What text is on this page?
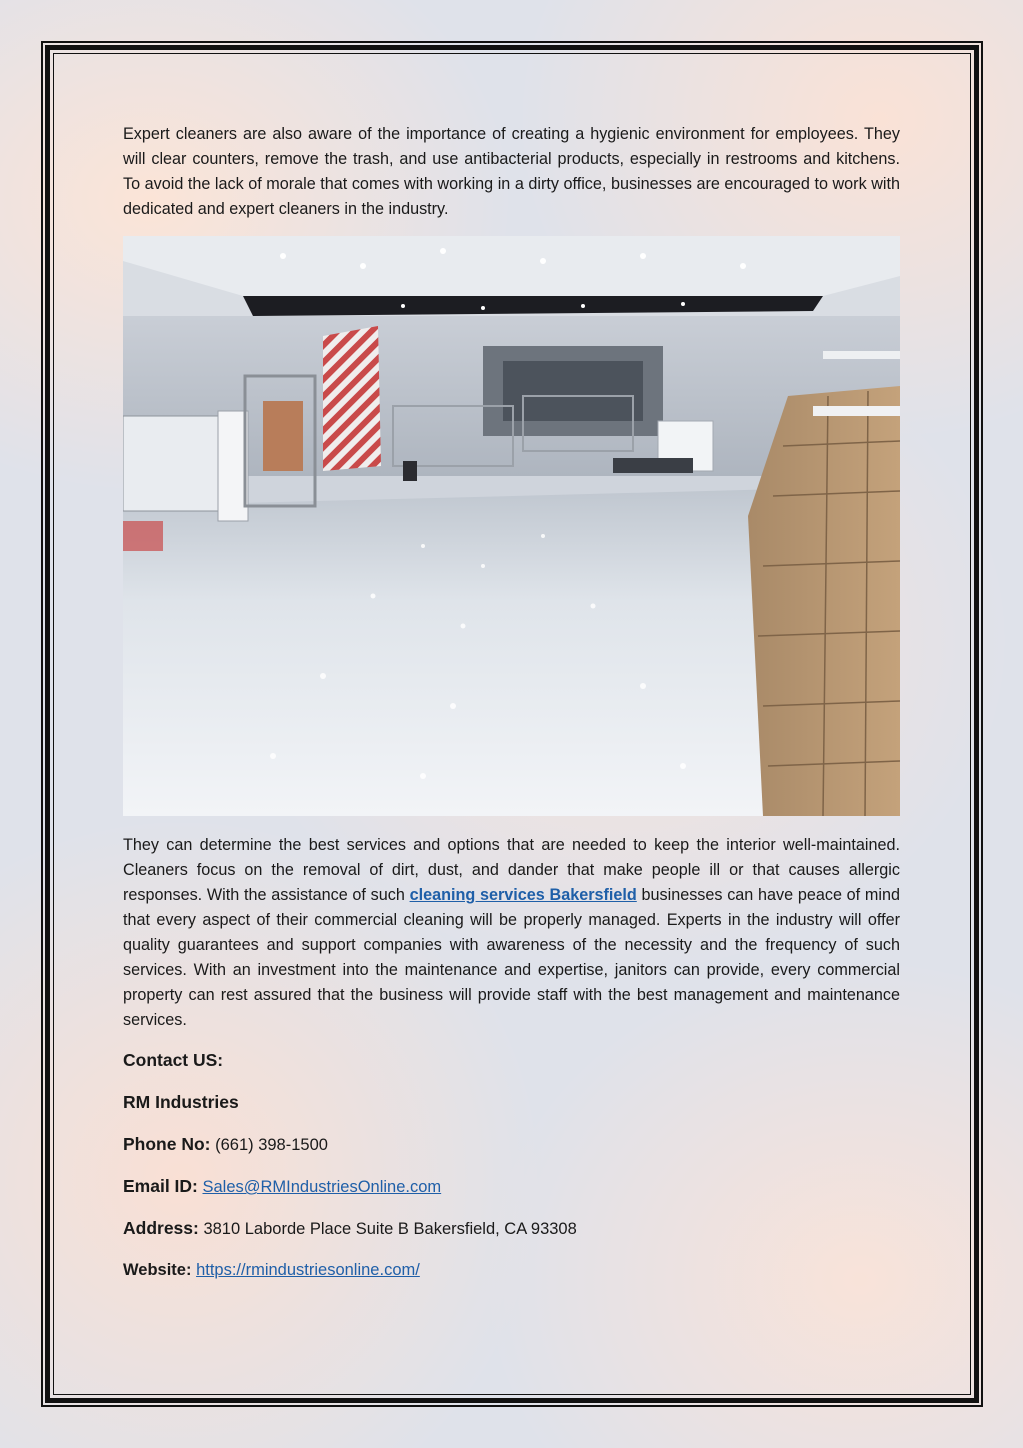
Expert cleaners are also aware of the importance of creating a hygienic environment for employees. They will clear counters, remove the trash, and use antibacterial products, especially in restrooms and kitchens. To avoid the lack of morale that comes with working in a dirty office, businesses are encouraged to work with dedicated and expert cleaners in the industry.

They can determine the best services and options that are needed to keep the interior well-maintained. Cleaners focus on the removal of dirt, dust, and dander that make people ill or that causes allergic responses. With the assistance of such cleaning services Bakersfield businesses can have peace of mind that every aspect of their commercial cleaning will be properly managed. Experts in the industry will offer quality guarantees and support companies with awareness of the necessity and the frequency of such services. With an investment into the maintenance and expertise, janitors can provide, every commercial property can rest assured that the business will provide staff with the best management and maintenance services.

Contact US:
RM Industries
Phone No: (661) 398-1500
Email ID: Sales@RMIndustriesOnline.com
Address: 3810 Laborde Place Suite B Bakersfield, CA 93308
Website: https://rmindustriesonline.com/
